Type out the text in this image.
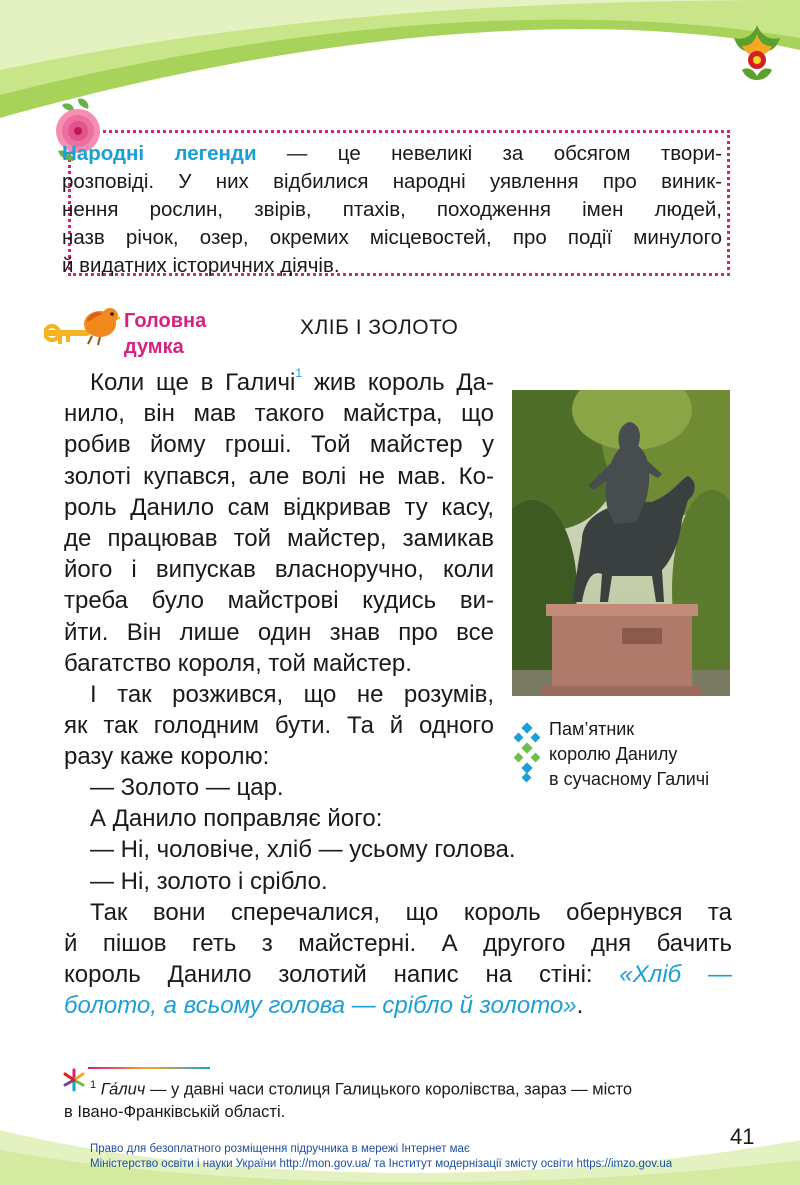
Народні легенди — це невеликі за обсягом твори-
розповіді. У них відбилися народні уявлення про виник-
нення рослин, звірів, птахів, походження імен людей,
назв річок, озер, окремих місцевостей, про події минулого
й видатних історичних діячів.
Головна
думка
ХЛІБ І ЗОЛОТО
Коли ще в Галичі$^1$ жив король Да-
нило, він мав такого майстра, що
робив йому гроші. Той майстер у
золоті купався, але волі не мав. Ко-
роль Данило сам відкривав ту касу,
де працював той майстер, замикав
його і випускав власноручно, коли
треба було майстрові кудись ви-
йти. Він лише один знав про все
багатство короля, той майстер.
І так розжився, що не розумів,
як так голодним бути. Та й одного
разу каже королю:
— Золото — цар.
А Данило поправляє його:
— Ні, чоловіче, хліб — усьому голова.
— Ні, золото і срібло.
Так вони сперечалися, що король обернувся та
й пішов геть з майстерні. А другого дня бачить
король Данило золотий напис на стіні: «Хліб —
болото, а всьому голова — срібло й золото».
Пам’ятник
королю Данилу
в сучасному Галичі
$^1$ Га́лич — у давні часи столиця Галицького королівства, зараз — місто
в Івано-Франківській області.
41
Право для безоплатного розміщення підручника в мережі Інтернет має
Міністерство освіти і науки України http://mon.gov.ua/ та Інститут модернізації змісту освіти https://imzo.gov.ua
